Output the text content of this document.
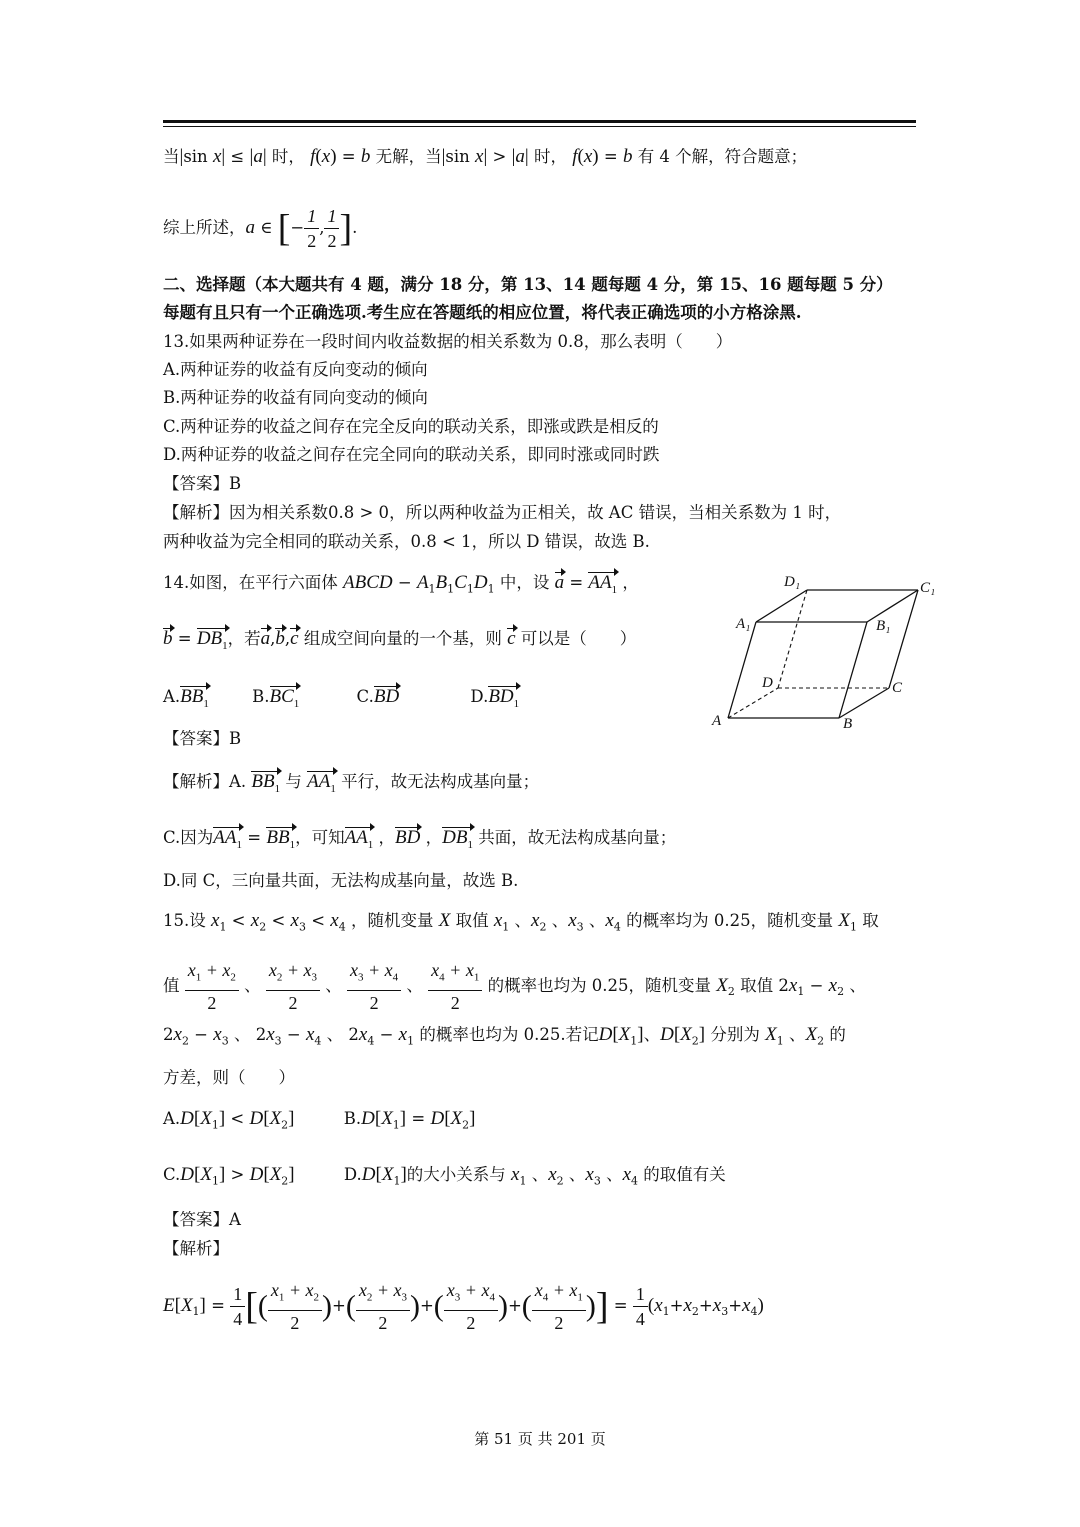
当|sin x| ≤ |a| 时， f(x) = b 无解，当|sin x| > |a| 时， f(x) = b 有 4 个解，符合题意；
综上所述，a ∈ [− $\frac{1}{2}$ , $\frac{1}{2}$ ].
二、选择题（本大题共有 4 题，满分 18 分，第 13、14 题每题 4 分，第 15、16 题每题 5 分）
每题有且只有一个正确选项.考生应在答题纸的相应位置，将代表正确选项的小方格涂黑.
13.如果两种证券在一段时间内收益数据的相关系数为 0.8，那么表明（　　）
A.两种证券的收益有反向变动的倾向
B.两种证券的收益有同向变动的倾向
C.两种证券的收益之间存在完全反向的联动关系，即涨或跌是相反的
D.两种证券的收益之间存在完全同向的联动关系，即同时涨或同时跌
【答案】B
【解析】因为相关系数0.8 > 0，所以两种收益为正相关，故 AC 错误，当相关系数为 1 时，
两种收益为完全相同的联动关系，0.8 < 1，所以 D 错误，故选 B.
14.如图，在平行六面体 ABCD − $A_1B_1C_1D_1$ 中，设 $a = AA_1$ ，
$b = DB_1$，若a,b,c 组成空间向量的一个基，则 c 可以是（　　）
$A.BB_1$	$B.BC_1$	C.BD	$D.BD_1$
【答案】B
【解析】A. $BB_1$ 与 $AA_1$ 平行，故无法构成基向量；
C.因为$AA_1 = BB_1$，可知$AA_1$ ，BD ，$DB_1$ 共面，故无法构成基向量；
D.同 C，三向量共面，无法构成基向量，故选 B.
D₁	C₁
A₁	B₁
D	C
A	B
15.设 $x_1 < x_2 < x_3 < x_4$ ，随机变量 X 取值 $x_1$ 、$x_2$ 、$x_3$ 、$x_4$ 的概率均为 0.25，随机变量 $X_1$ 取
值 $\frac{x_1 + x_2}{2}$ 、 $\frac{x_2 + x_3}{2}$ 、 $\frac{x_3 + x_4}{2}$ 、 $\frac{x_4 + x_1}{2}$ 的概率也均为 0.25，随机变量 $X_2$ 取值 $2x_1 - x_2$ 、
$2x_2 - x_3$ 、 $2x_3 - x_4$ 、 $2x_4 - x_1$ 的概率也均为 0.25.若记$D[X_1]$、$D[X_2]$ 分别为 $X_1$ 、$X_2$ 的
方差，则（　　）
$A.D[X_1] < D[X_2]$	$B.D[X_1] = D[X_2]$
$C.D[X_1] > D[X_2]$	$D.D[X_1]$的大小关系与 $x_1$ 、$x_2$ 、$x_3$ 、$x_4$ 的取值有关
【答案】A
【解析】
$E[X_1] = \frac{1}{4}$ [( $\frac{x_1 + x_2}{2}$ )+( $\frac{x_2 + x_3}{2}$ )+( $\frac{x_3 + x_4}{2}$ )+( $\frac{x_4 + x_1}{2}$ )] = $\frac{1}{4} (x_1+x_2+x_3+x_4)$
第 51 页 共 201 页
